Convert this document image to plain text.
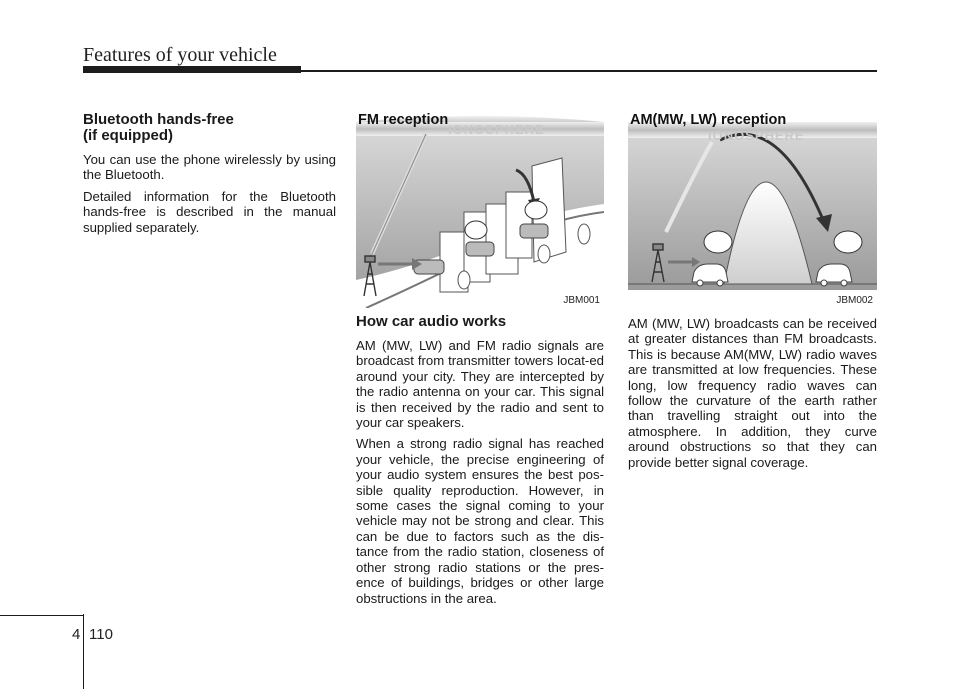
Features of your vehicle
Bluetooth hands-free
(if equipped)

You can use the phone wirelessly by using the Bluetooth.

Detailed information for the Bluetooth hands-free is described in the manual supplied separately.

IONOSPHERE
FM reception
JBM001
IONOSPHERE
AM(MW, LW) reception
JBM002
How car audio works

AM (MW, LW) and FM radio signals are broadcast from transmitter towers locat-ed around your city. They are intercepted by the radio antenna on your car. This signal is then received by the radio and sent to your car speakers.

When a strong radio signal has reached your vehicle, the precise engineering of your audio system ensures the best pos-sible quality reproduction. However, in some cases the signal coming to your vehicle may not be strong and clear. This can be due to factors such as the dis-tance from the radio station, closeness of other strong radio stations or the pres-ence of buildings, bridges or other large obstructions in the area.

AM (MW, LW) broadcasts can be received at greater distances than FM broadcasts. This is because AM(MW, LW) radio waves are transmitted at low frequencies. These long, low frequency radio waves can follow the curvature of the earth rather than travelling straight out into the atmosphere. In addition, they curve around obstructions so that they can provide better signal coverage.

4 110
